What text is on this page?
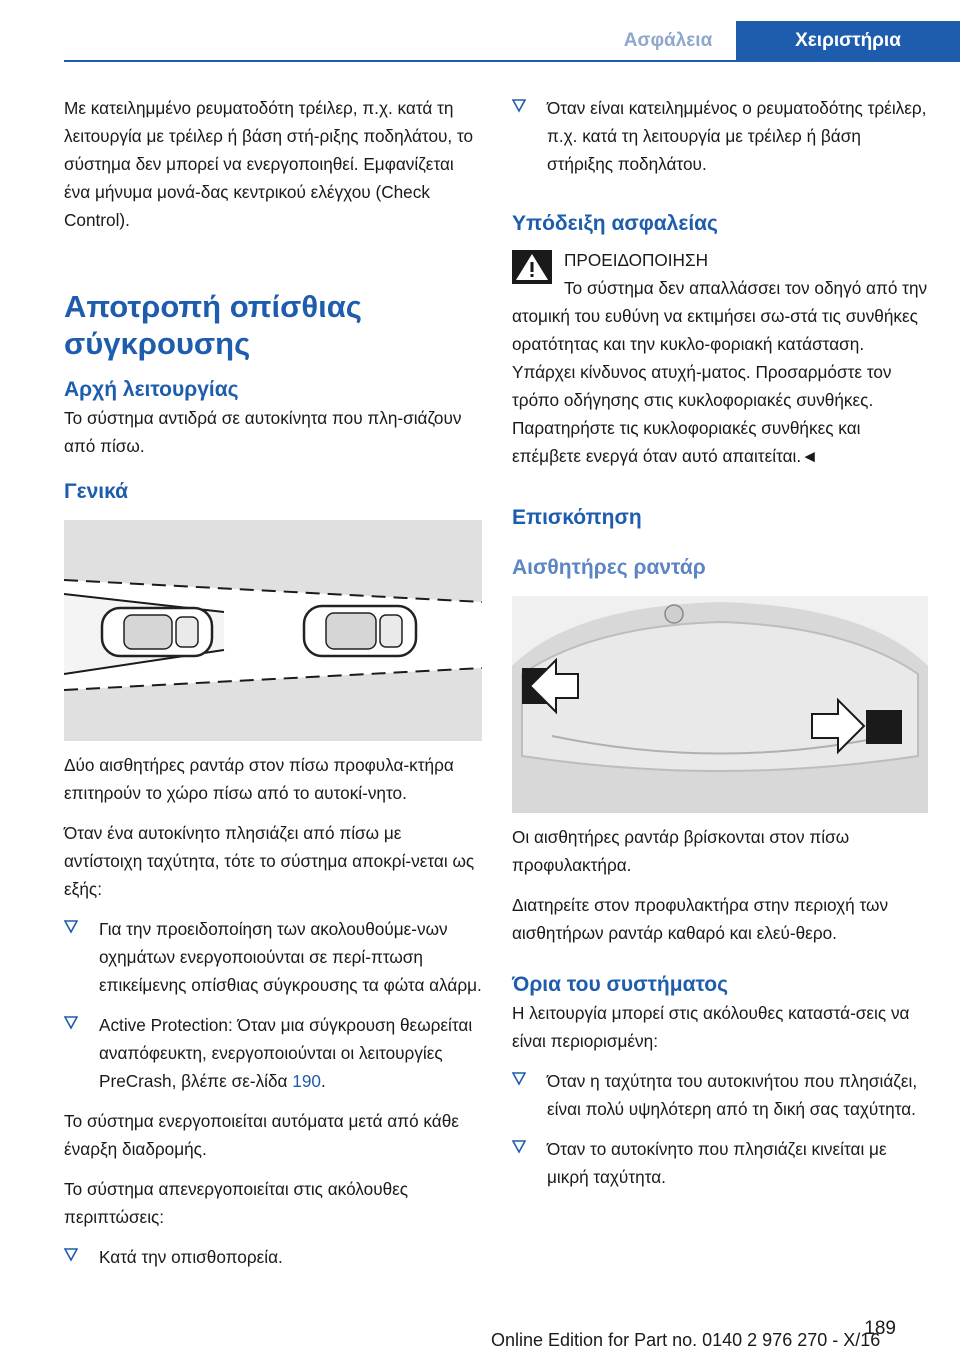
Ασφάλεια	Χειριστήρια

Με κατειλημμένο ρευματοδότη τρέιλερ, π.χ. κατά τη λειτουργία με τρέιλερ ή βάση στή-ριξης ποδηλάτου, το σύστημα δεν μπορεί να ενεργοποιηθεί. Εμφανίζεται ένα μήνυμα μονά-δας κεντρικού ελέγχου (Check Control).

Αποτροπή οπίσθιας
σύγκρουσης
Αρχή λειτουργίας

Το σύστημα αντιδρά σε αυτοκίνητα που πλη-σιάζουν από πίσω.

Γενικά

Δύο αισθητήρες ραντάρ στον πίσω προφυλα-κτήρα επιτηρούν το χώρο πίσω από το αυτοκί-νητο.

Όταν ένα αυτοκίνητο πλησιάζει από πίσω με αντίστοιχη ταχύτητα, τότε το σύστημα αποκρί-νεται ως εξής:

Για την προειδοποίηση των ακολουθούμε-νων οχημάτων ενεργοποιούνται σε περί-πτωση επικείμενης οπίσθιας σύγκρουσης τα φώτα αλάρμ.
Active Protection: Όταν μια σύγκρουση θεωρείται αναπόφευκτη, ενεργοποιούνται οι λειτουργίες PreCrash, βλέπε σε-λίδα 190.

Το σύστημα ενεργοποιείται αυτόματα μετά από κάθε έναρξη διαδρομής.

Το σύστημα απενεργοποιείται στις ακόλουθες περιπτώσεις:

Κατά την οπισθοπορεία.
Όταν είναι κατειλημμένος ο ρευματοδότης τρέιλερ, π.χ. κατά τη λειτουργία με τρέιλερ ή βάση στήριξης ποδηλάτου.
Υπόδειξη ασφαλείας

ΠΡΟΕΙΔΟΠΟΙΗΣΗ

Το σύστημα δεν απαλλάσσει τον οδηγό από την ατομική του ευθύνη να εκτιμήσει σω-στά τις συνθήκες ορατότητας και την κυκλο-φοριακή κατάσταση. Υπάρχει κίνδυνος ατυχή-ματος. Προσαρμόστε τον τρόπο οδήγησης στις κυκλοφοριακές συνθήκες. Παρατηρήστε τις κυκλοφοριακές συνθήκες και επέμβετε ενεργά όταν αυτό απαιτείται.◄

Επισκόπηση
Αισθητήρες ραντάρ

Οι αισθητήρες ραντάρ βρίσκονται στον πίσω προφυλακτήρα.

Διατηρείτε στον προφυλακτήρα στην περιοχή των αισθητήρων ραντάρ καθαρό και ελεύ-θερο.

Όρια του συστήματος

Η λειτουργία μπορεί στις ακόλουθες καταστά-σεις να είναι περιορισμένη:

Όταν η ταχύτητα του αυτοκινήτου που πλησιάζει, είναι πολύ υψηλότερη από τη δική σας ταχύτητα.
Όταν το αυτοκίνητο που πλησιάζει κινείται με μικρή ταχύτητα.
189
Online Edition for Part no. 0140 2 976 270 - X/16
